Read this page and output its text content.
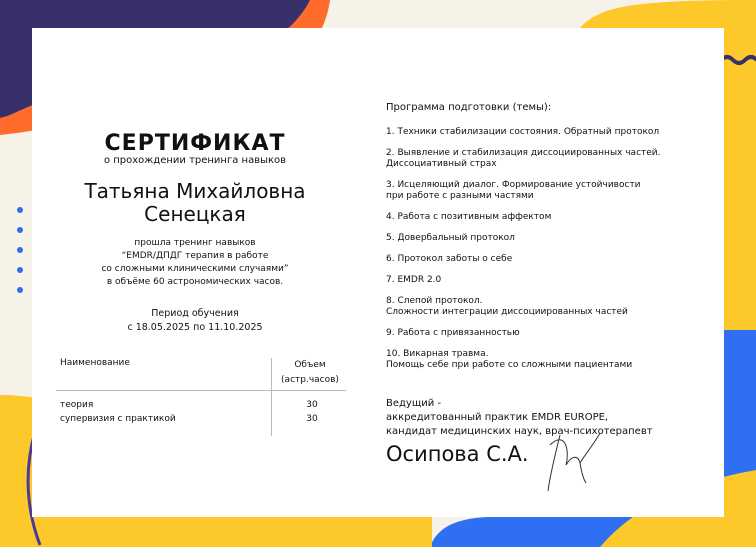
СЕРТИФИКАТ
о прохождении тренинга навыков
Татьяна Михайловна
Сенецкая
прошла тренинг навыков
“EMDR/ДПДГ терапия в работе
со сложными клиническими случаями”
в объёме 60 астрономических часов.
Период обучения
с 18.05.2025 по 11.10.2025
Наименование	Объем
(астр.часов)
теория
супервизия с практикой
30
30
Программа подготовки (темы):
1. Техники стабилизации состояния. Обратный протокол
2. Выявление и стабилизация диссоциированных частей.
Диссоциативный страх
3. Исцеляющий диалог. Формирование устойчивости
при работе с разными частями
4. Работа с позитивным аффектом
5. Довербальный протокол
6. Протокол заботы о себе
7. EMDR 2.0
8. Слепой протокол.
Сложности интеграции диссоциированных частей
9. Работа с привязанностью
10. Викарная травма.
Помощь себе при работе со сложными пациентами
Ведущий -
аккредитованный практик EMDR EUROPE,
кандидат медицинских наук, врач-психотерапевт
Осипова С.А.
